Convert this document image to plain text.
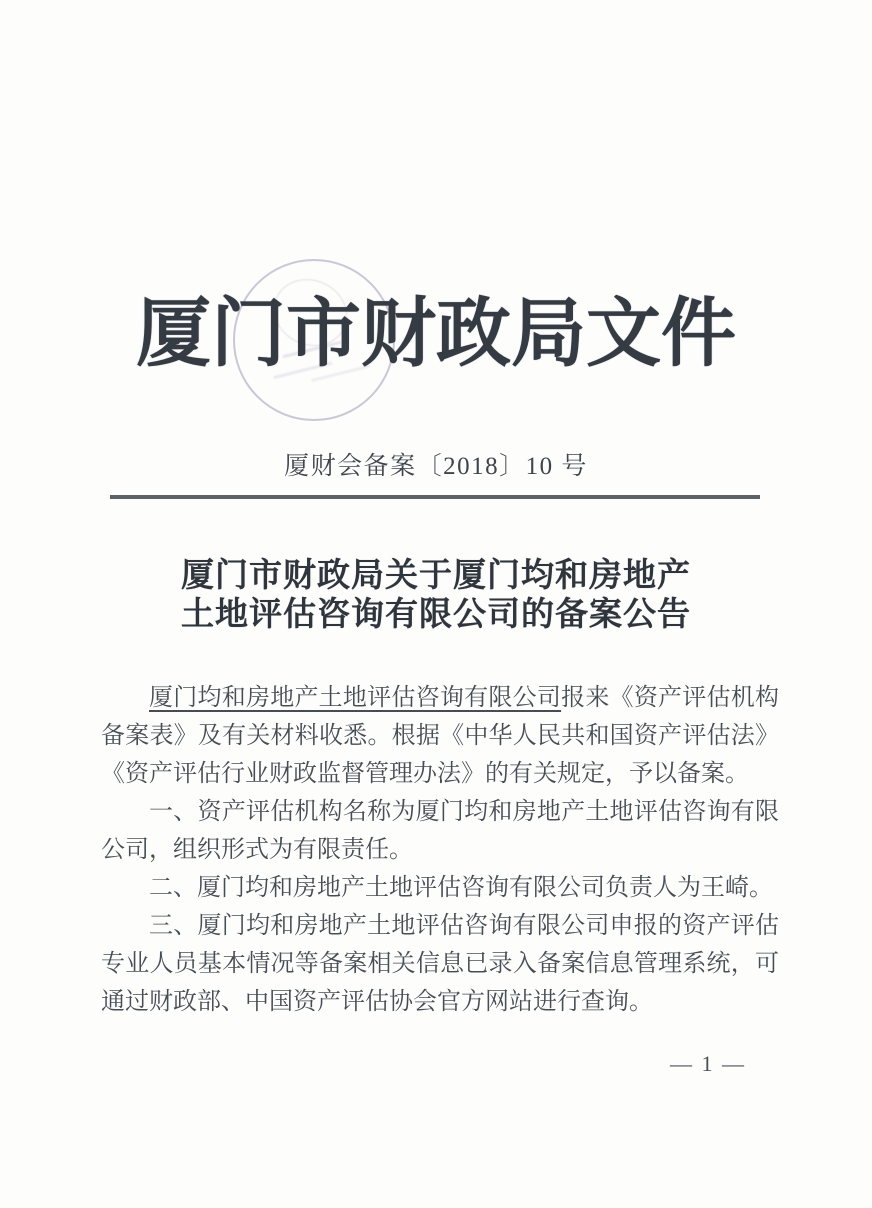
厦门市财政局文件
厦财会备案〔2018〕10 号
厦门市财政局关于厦门均和房地产
土地评估咨询有限公司的备案公告

厦门均和房地产土地评估咨询有限公司报来《资产评估机构备案表》及有关材料收悉。根据《中华人民共和国资产评估法》《资产评估行业财政监督管理办法》的有关规定，予以备案。

一、资产评估机构名称为厦门均和房地产土地评估咨询有限公司，组织形式为有限责任。

二、厦门均和房地产土地评估咨询有限公司负责人为王崎。

三、厦门均和房地产土地评估咨询有限公司申报的资产评估专业人员基本情况等备案相关信息已录入备案信息管理系统，可通过财政部、中国资产评估协会官方网站进行查询。

— 1 —
